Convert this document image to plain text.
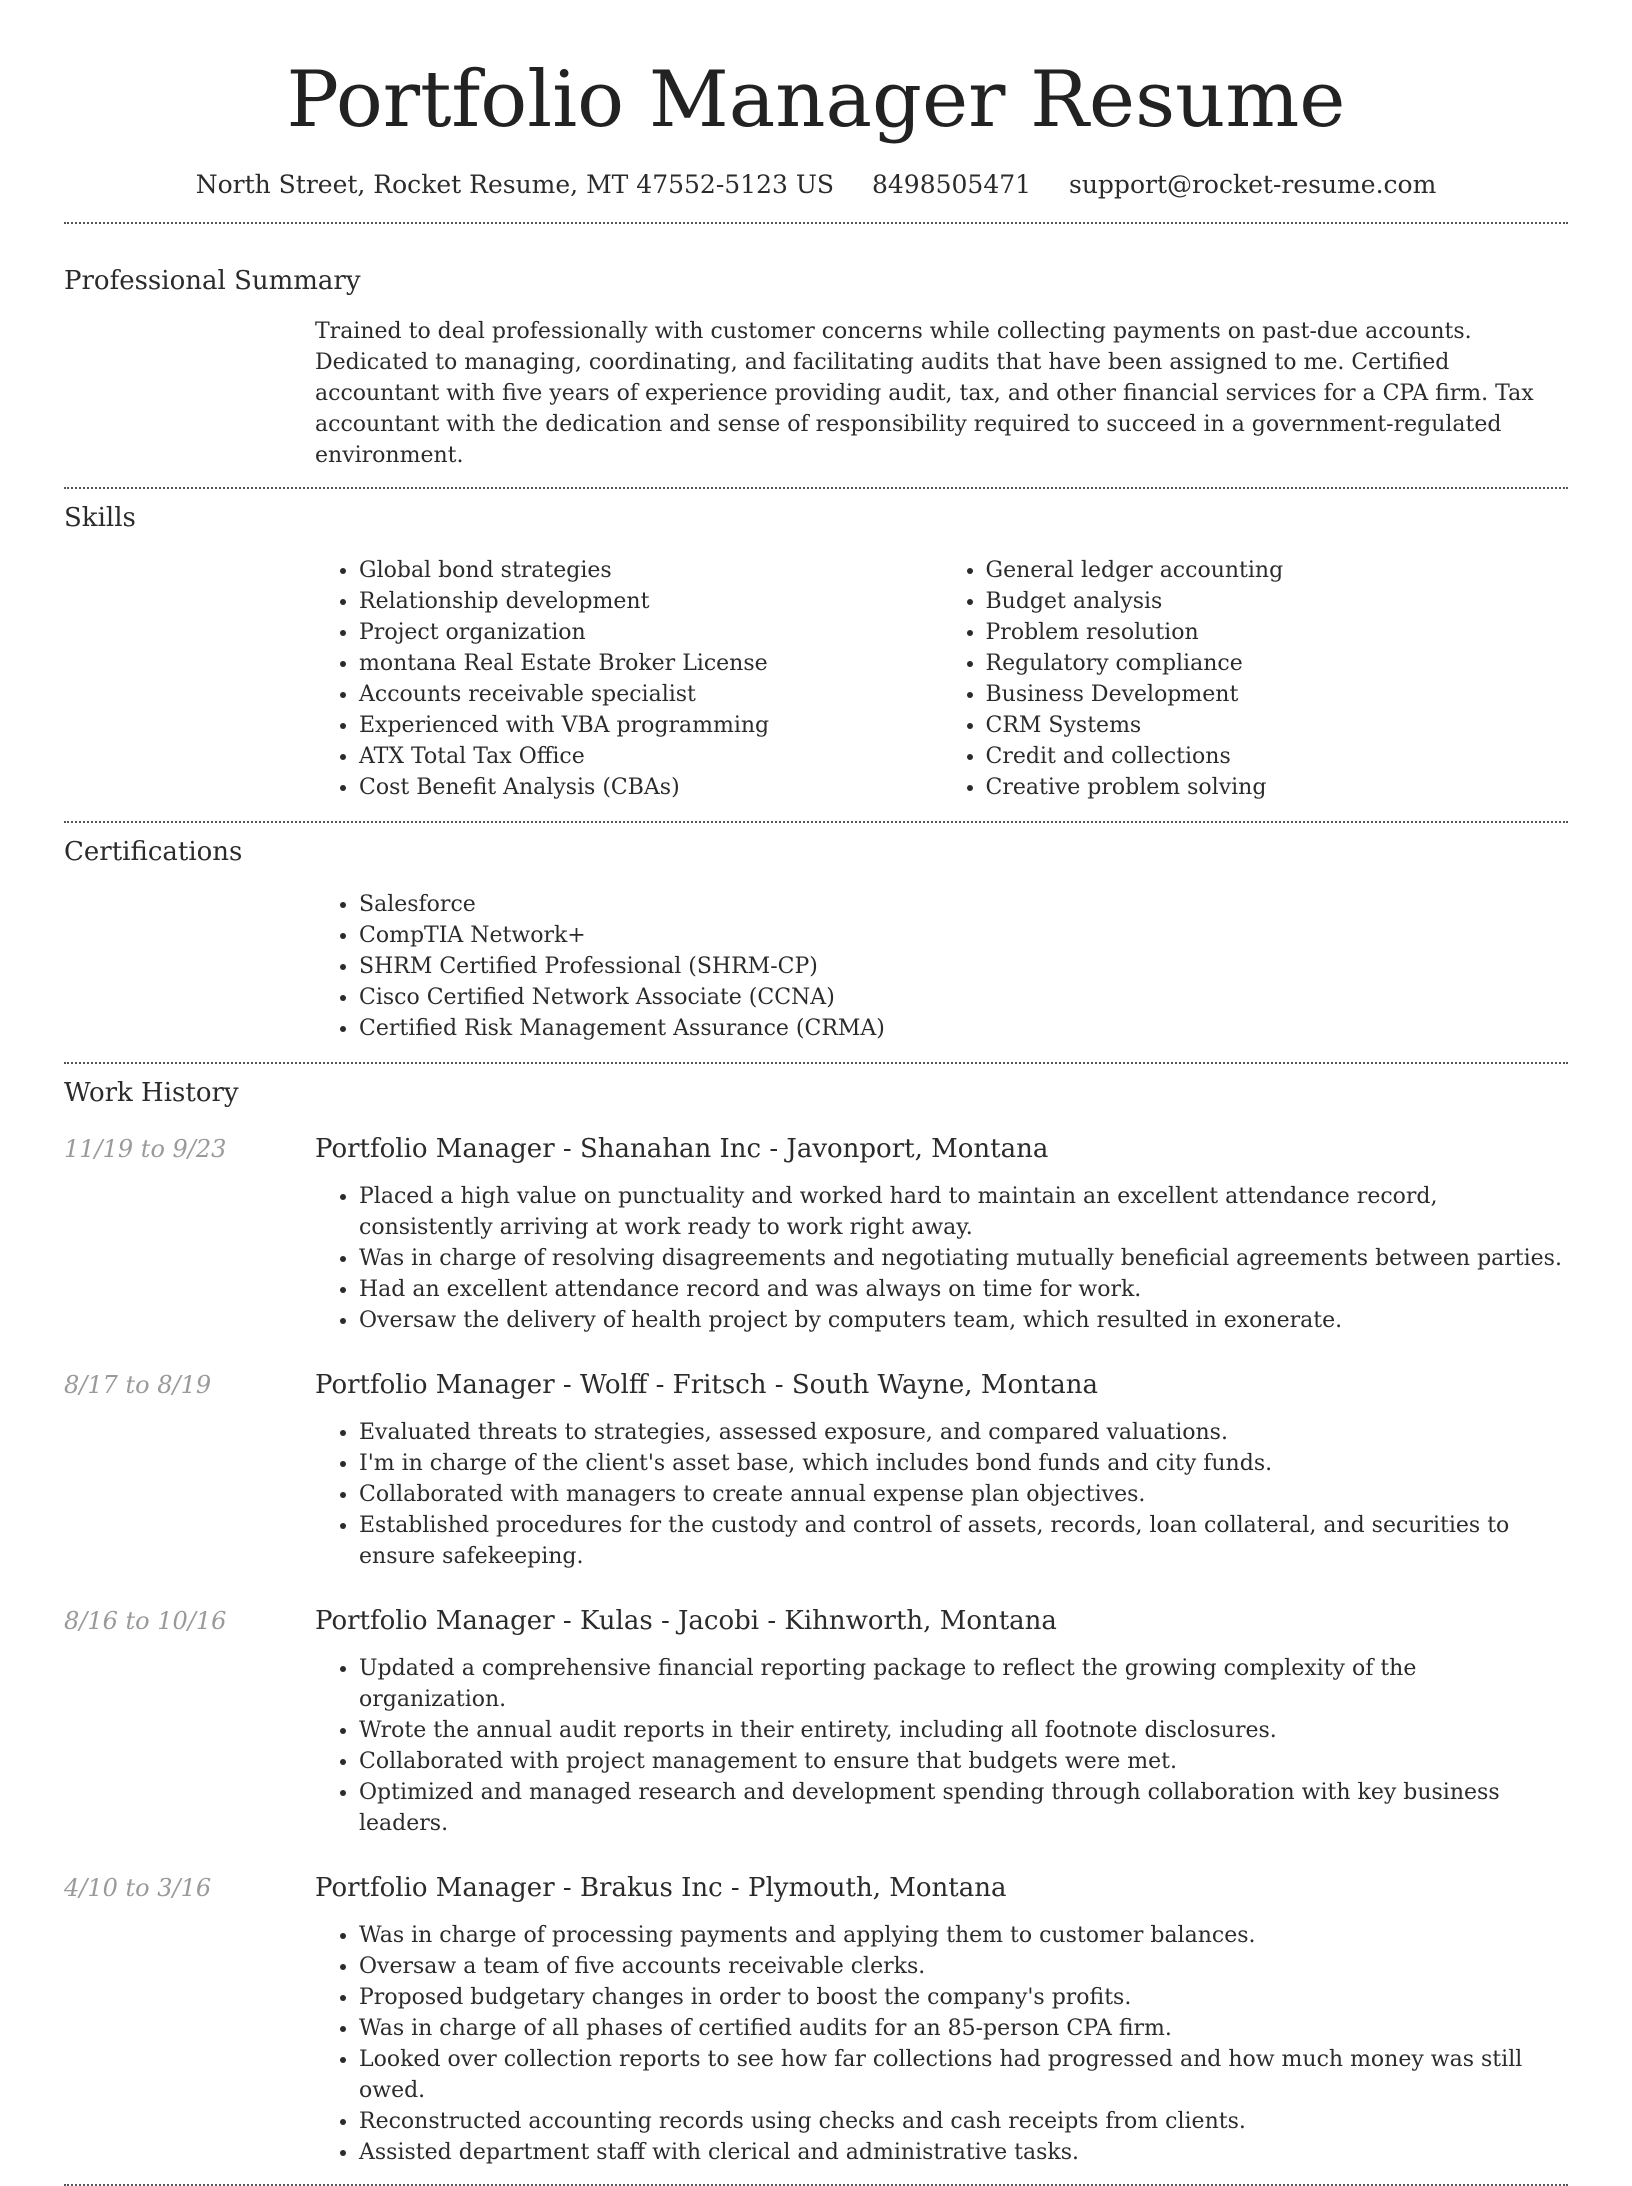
Portfolio Manager Resume
North Street, Rocket Resume, MT 47552-5123 US 8498505471 support@rocket-resume.com
Professional Summary

Trained to deal professionally with customer concerns while collecting payments on past-due accounts. Dedicated to managing, coordinating, and facilitating audits that have been assigned to me. Certified accountant with five years of experience providing audit, tax, and other financial services for a CPA firm. Tax accountant with the dedication and sense of responsibility required to succeed in a government-regulated environment.

Skills
• Global bond strategies
• Relationship development
• Project organization
• montana Real Estate Broker License
• Accounts receivable specialist
• Experienced with VBA programming
• ATX Total Tax Office
• Cost Benefit Analysis (CBAs)
• General ledger accounting
• Budget analysis
• Problem resolution
• Regulatory compliance
• Business Development
• CRM Systems
• Credit and collections
• Creative problem solving
Certifications
• Salesforce
• CompTIA Network+
• SHRM Certified Professional (SHRM-CP)
• Cisco Certified Network Associate (CCNA)
• Certified Risk Management Assurance (CRMA)
Work History
11/19 to 9/23	Portfolio Manager - Shanahan Inc - Javonport, Montana
• Placed a high value on punctuality and worked hard to maintain an excellent attendance record, consistently arriving at work ready to work right away.
• Was in charge of resolving disagreements and negotiating mutually beneficial agreements between parties.
• Had an excellent attendance record and was always on time for work.
• Oversaw the delivery of health project by computers team, which resulted in exonerate.
8/17 to 8/19	Portfolio Manager - Wolff - Fritsch - South Wayne, Montana
• Evaluated threats to strategies, assessed exposure, and compared valuations.
• I'm in charge of the client's asset base, which includes bond funds and city funds.
• Collaborated with managers to create annual expense plan objectives.
• Established procedures for the custody and control of assets, records, loan collateral, and securities to ensure safekeeping.
8/16 to 10/16	Portfolio Manager - Kulas - Jacobi - Kihnworth, Montana
• Updated a comprehensive financial reporting package to reflect the growing complexity of the organization.
• Wrote the annual audit reports in their entirety, including all footnote disclosures.
• Collaborated with project management to ensure that budgets were met.
• Optimized and managed research and development spending through collaboration with key business leaders.
4/10 to 3/16	Portfolio Manager - Brakus Inc - Plymouth, Montana
• Was in charge of processing payments and applying them to customer balances.
• Oversaw a team of five accounts receivable clerks.
• Proposed budgetary changes in order to boost the company's profits.
• Was in charge of all phases of certified audits for an 85-person CPA firm.
• Looked over collection reports to see how far collections had progressed and how much money was still owed.
• Reconstructed accounting records using checks and cash receipts from clients.
• Assisted department staff with clerical and administrative tasks.
